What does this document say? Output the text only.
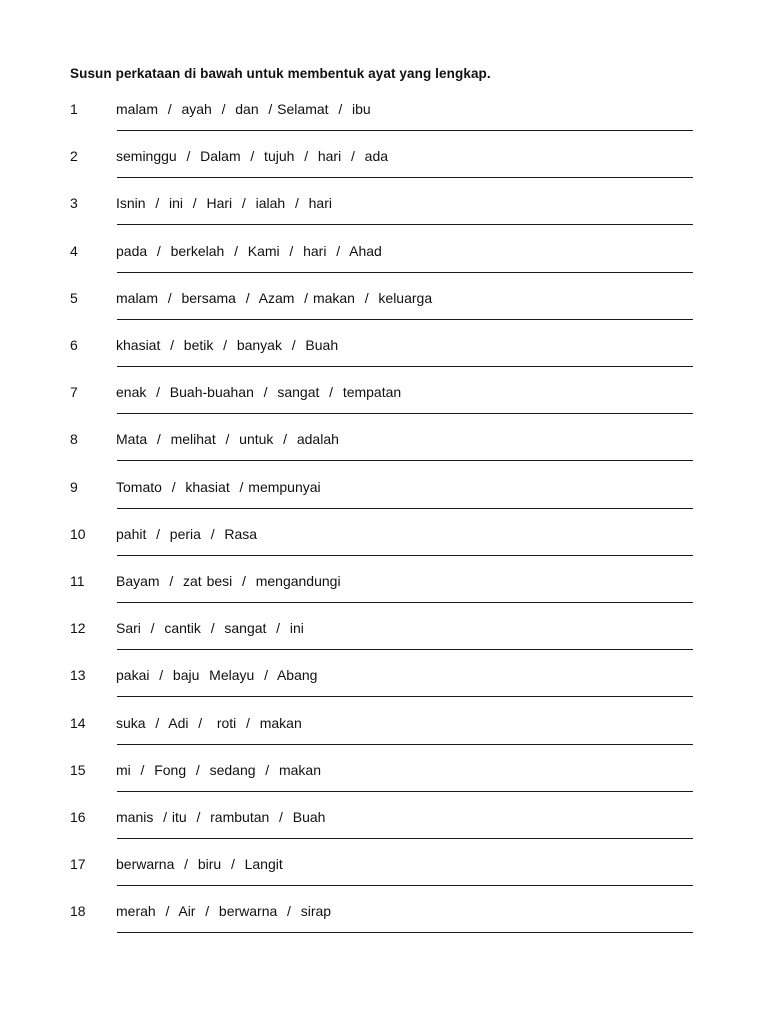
Susun perkataan di bawah untuk membentuk ayat yang lengkap.
1	malam  /  ayah  /  dan  / Selamat  /  ibu
2	seminggu  /  Dalam  /  tujuh  /  hari  /  ada
3	Isnin  /  ini  /  Hari  /  ialah  /  hari
4	pada  /  berkelah  /  Kami  /  hari  /  Ahad
5	malam  /  bersama  /  Azam  / makan  /  keluarga
6	khasiat  /  betik  /  banyak  /  Buah
7	enak  /  Buah-buahan  /  sangat  /  tempatan
8	Mata  /  melihat  /  untuk  /  adalah
9	Tomato  /  khasiat  / mempunyai
10 pahit  /  peria  /  Rasa
11 Bayam  /  zat besi  /  mengandungi
12 Sari  /  cantik  /  sangat  /  ini
13 pakai  /  baju  Melayu  /  Abang
14 suka  /  Adi  /   roti  /  makan
15 mi  /  Fong  /  sedang  /  makan
16 manis  / itu  /  rambutan  /  Buah
17 berwarna  /  biru  /  Langit
18 merah  /  Air  /  berwarna  /  sirap
